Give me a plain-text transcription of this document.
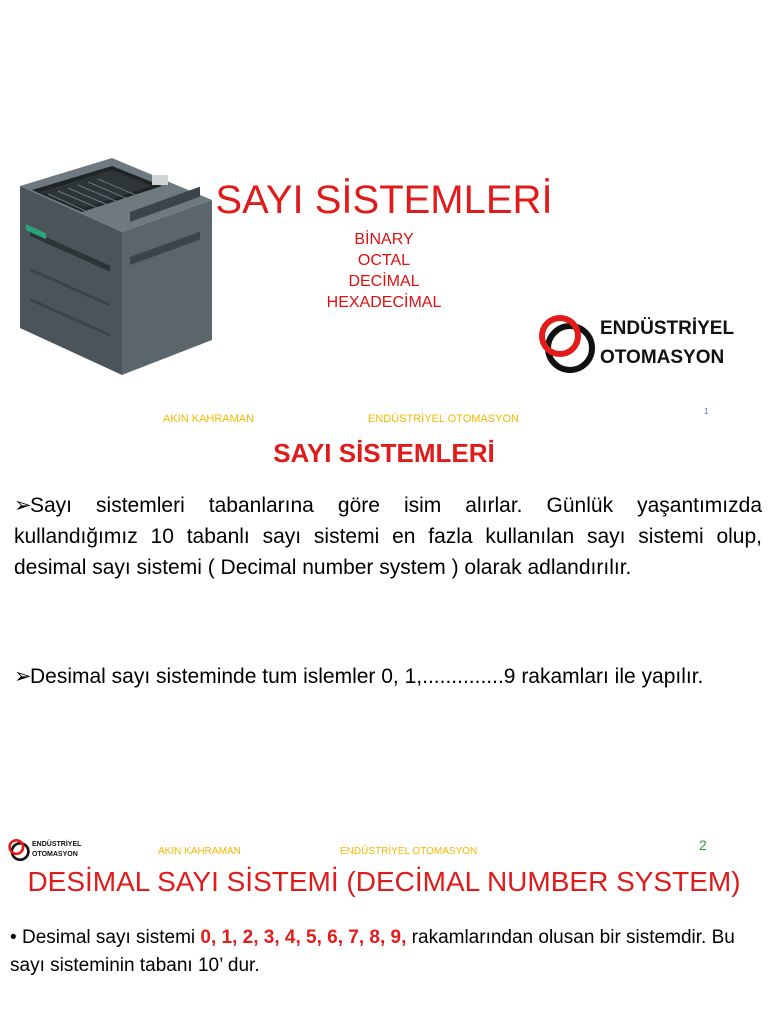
SAYI SİSTEMLERİ
BİNARY
OCTAL
DECİMAL
HEXADECİMAL
ENDÜSTRİYEL
OTOMASYON
AKIN KAHRAMAN	ENDÜSTRİYEL OTOMASYON
1
SAYI SİSTEMLERİ
➢Sayı sistemleri tabanlarına göre isim alırlar. Günlük yaşantımızda kullandığımız 10 tabanlı sayı sistemi en fazla kullanılan sayı sistemi olup, desimal sayı sistemi ( Decimal number system ) olarak adlandırılır.
➢Desimal sayı sisteminde tum islemler 0, 1,..............9 rakamları ile yapılır.
ENDÜSTRİYEL
OTOMASYON	AKIN KAHRAMAN	ENDÜSTRİYEL OTOMASYON	2
DESİMAL SAYI SİSTEMİ (DECİMAL NUMBER SYSTEM)
• Desimal sayı sistemi 0, 1, 2, 3, 4, 5, 6, 7, 8, 9, rakamlarından olusan bir sistemdir. Bu sayı sisteminin tabanı 10’ dur.
